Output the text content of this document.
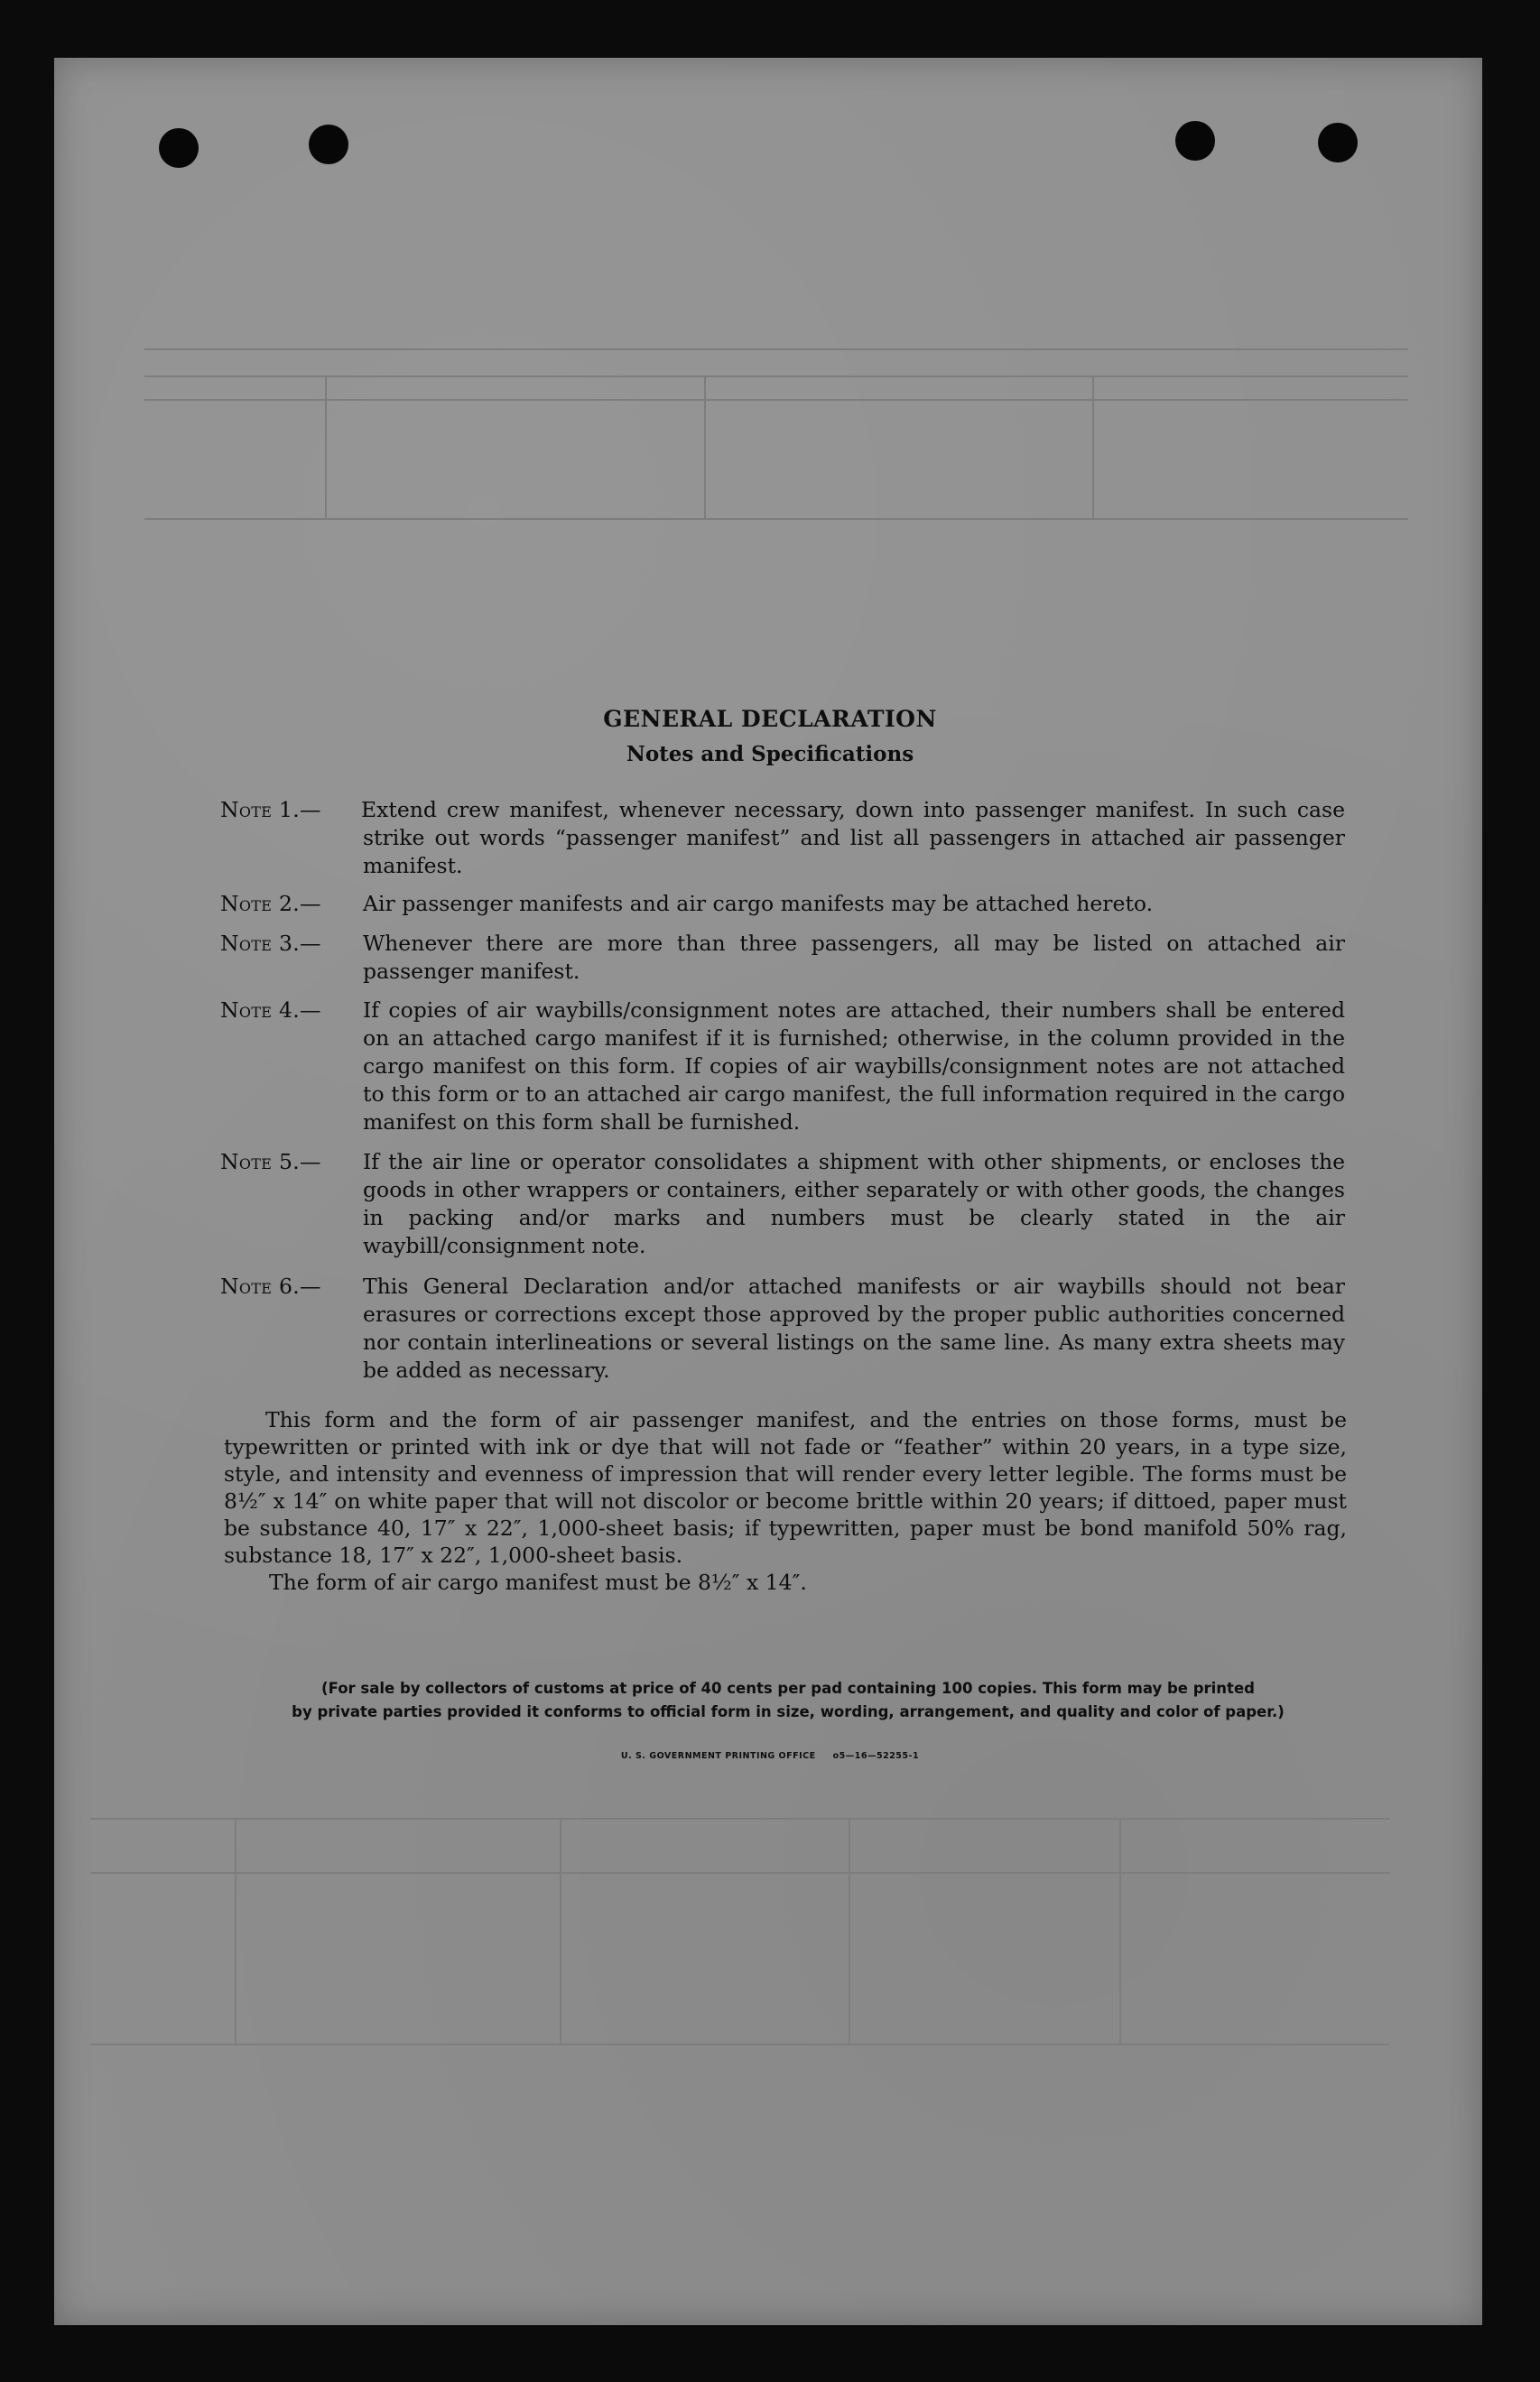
GENERAL DECLARATION
Notes and Specifications
Note 1.— Extend crew manifest, whenever necessary, down into passenger manifest. In such case strike out words “passenger manifest” and list all passengers in attached air passenger manifest.
Note 2.— Air passenger manifests and air cargo manifests may be attached hereto.
Note 3.— Whenever there are more than three passengers, all may be listed on attached air passenger manifest.
Note 4.— If copies of air waybills/consignment notes are attached, their numbers shall be entered on an attached cargo manifest if it is furnished; otherwise, in the column provided in the cargo manifest on this form. If copies of air waybills/consignment notes are not attached to this form or to an attached air cargo manifest, the full information required in the cargo manifest on this form shall be furnished.
Note 5.— If the air line or operator consolidates a shipment with other shipments, or encloses the goods in other wrappers or containers, either separately or with other goods, the changes in packing and/or marks and numbers must be clearly stated in the air waybill/consignment note.
Note 6.— This General Declaration and/or attached manifests or air waybills should not bear erasures or corrections except those approved by the proper public authorities concerned nor contain interlineations or several listings on the same line. As many extra sheets may be added as necessary.
This form and the form of air passenger manifest, and the entries on those forms, must be typewritten or printed with ink or dye that will not fade or “feather” within 20 years, in a type size, style, and intensity and evenness of impression that will render every letter legible. The forms must be 8½″ x 14″ on white paper that will not discolor or become brittle within 20 years; if dittoed, paper must be substance 40, 17″ x 22″, 1,000-sheet basis; if typewritten, paper must be bond manifold 50% rag, substance 18, 17″ x 22″, 1,000-sheet basis.
The form of air cargo manifest must be 8½″ x 14″.
(For sale by collectors of customs at price of 40 cents per pad containing 100 copies. This form may be printed
by private parties provided it conforms to official form in size, wording, arrangement, and quality and color of paper.)
U. S. GOVERNMENT PRINTING OFFICE     o5—16—52255-1
